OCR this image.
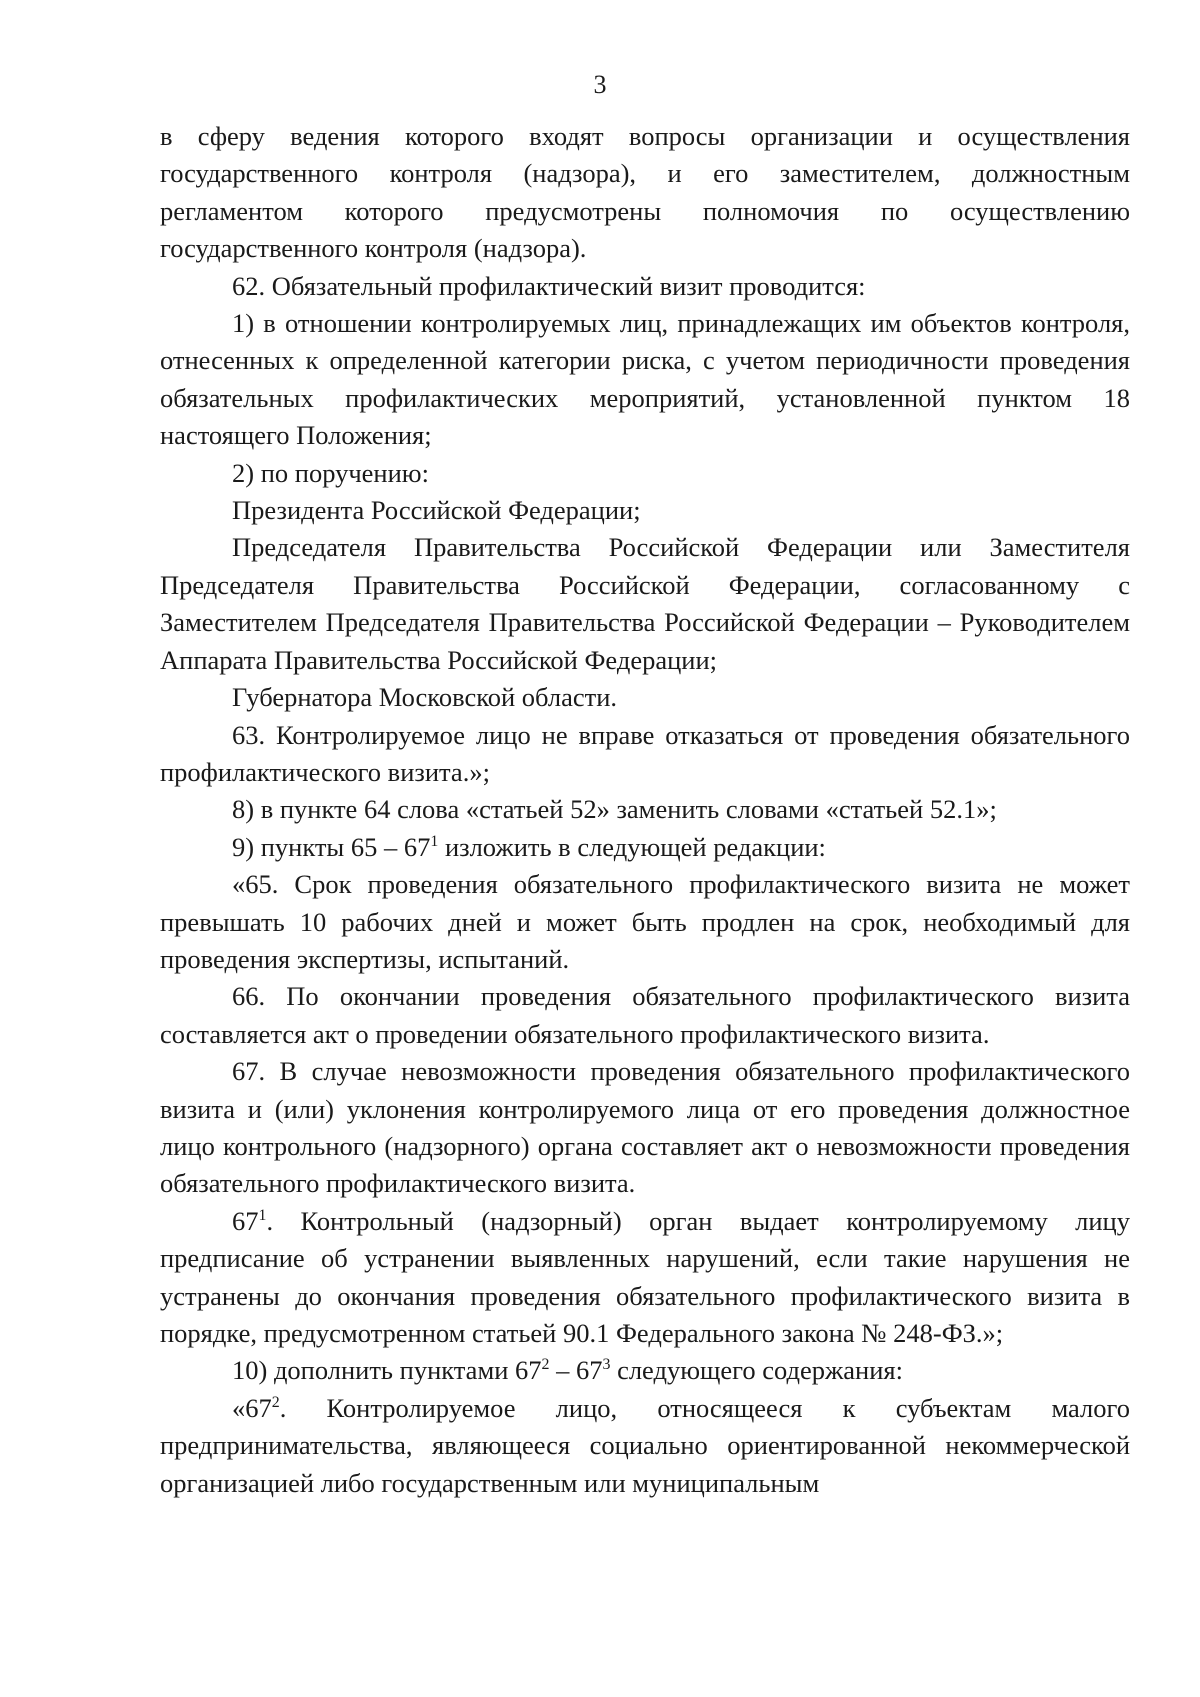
3

в сферу ведения которого входят вопросы организации и осуществления государственного контроля (надзора), и его заместителем, должностным регламентом которого предусмотрены полномочия по осуществлению государственного контроля (надзора).

62. Обязательный профилактический визит проводится:

1) в отношении контролируемых лиц, принадлежащих им объектов контроля, отнесенных к определенной категории риска, с учетом периодичности проведения обязательных профилактических мероприятий, установленной пунктом 18 настоящего Положения;

2) по поручению:

Президента Российской Федерации;

Председателя Правительства Российской Федерации или Заместителя Председателя Правительства Российской Федерации, согласованному с Заместителем Председателя Правительства Российской Федерации – Руководителем Аппарата Правительства Российской Федерации;

Губернатора Московской области.

63. Контролируемое лицо не вправе отказаться от проведения обязательного профилактического визита.»;

8) в пункте 64 слова «статьей 52» заменить словами «статьей 52.1»;

9) пункты $65 - 67^1$ изложить в следующей редакции:

«65. Срок проведения обязательного профилактического визита не может превышать 10 рабочих дней и может быть продлен на срок, необходимый для проведения экспертизы, испытаний.

66. По окончании проведения обязательного профилактического визита составляется акт о проведении обязательного профилактического визита.

67. В случае невозможности проведения обязательного профилактического визита и (или) уклонения контролируемого лица от его проведения должностное лицо контрольного (надзорного) органа составляет акт о невозможности проведения обязательного профилактического визита.

$67^1$. Контрольный (надзорный) орган выдает контролируемому лицу предписание об устранении выявленных нарушений, если такие нарушения не устранены до окончания проведения обязательного профилактического визита в порядке, предусмотренном статьей 90.1 Федерального закона № 248-ФЗ.»;

10) дополнить пунктами $67^2 - 67^3$ следующего содержания:

«$67^2$. Контролируемое лицо, относящееся к субъектам малого предпринимательства, являющееся социально ориентированной некоммерческой организацией либо государственным или муниципальным
